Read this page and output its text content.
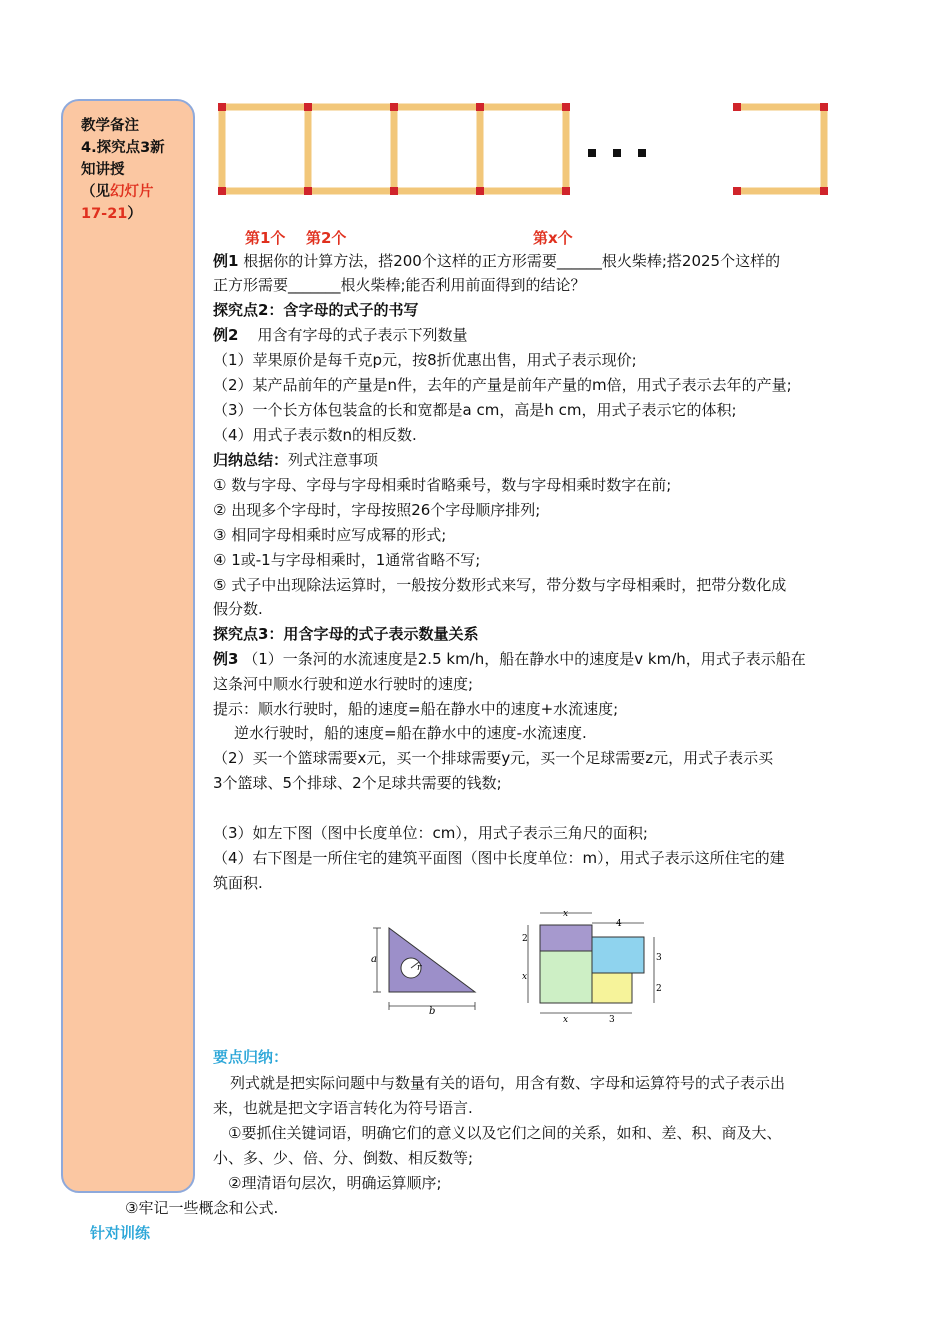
教学备注
4.探究点3新
知讲授
（见幻灯片
17-21）
第1个 第2个	第x个
例1 根据你的计算方法，搭200个这样的正方形需要______根火柴棒;搭2025个这样的
正方形需要_______根火柴棒;能否利用前面得到的结论？
探究点2：含字母的式子的书写
例2 用含有字母的式子表示下列数量
（1）苹果原价是每千克p元，按8折优惠出售，用式子表示现价;
（2）某产品前年的产量是n件，去年的产量是前年产量的m倍，用式子表示去年的产量;
（3）一个长方体包装盒的长和宽都是a cm，高是h cm，用式子表示它的体积;
（4）用式子表示数n的相反数.
归纳总结：列式注意事项
① 数与字母、字母与字母相乘时省略乘号，数与字母相乘时数字在前;
② 出现多个字母时，字母按照26个字母顺序排列;
③ 相同字母相乘时应写成幂的形式;
④ 1或-1与字母相乘时，1通常省略不写;
⑤ 式子中出现除法运算时，一般按分数形式来写，带分数与字母相乘时，把带分数化成
假分数.
探究点3：用含字母的式子表示数量关系
例3 （1）一条河的水流速度是2.5 km/h，船在静水中的速度是v km/h，用式子表示船在
这条河中顺水行驶和逆水行驶时的速度;
提示：顺水行驶时，船的速度=船在静水中的速度+水流速度;
逆水行驶时，船的速度=船在静水中的速度-水流速度.
（2）买一个篮球需要x元，买一个排球需要y元，买一个足球需要z元，用式子表示买
3个篮球、5个排球、2个足球共需要的钱数;
（3）如左下图（图中长度单位：cm），用式子表示三角尺的面积;
（4）右下图是一所住宅的建筑平面图（图中长度单位：m），用式子表示这所住宅的建
筑面积.
a
r
b
x
4
2
x
3
2
x	3
要点归纳：
列式就是把实际问题中与数量有关的语句，用含有数、字母和运算符号的式子表示出
来，也就是把文字语言转化为符号语言.
①要抓住关键词语，明确它们的意义以及它们之间的关系，如和、差、积、商及大、
小、多、少、倍、分、倒数、相反数等;
②理清语句层次，明确运算顺序;
③牢记一些概念和公式.
针对训练
